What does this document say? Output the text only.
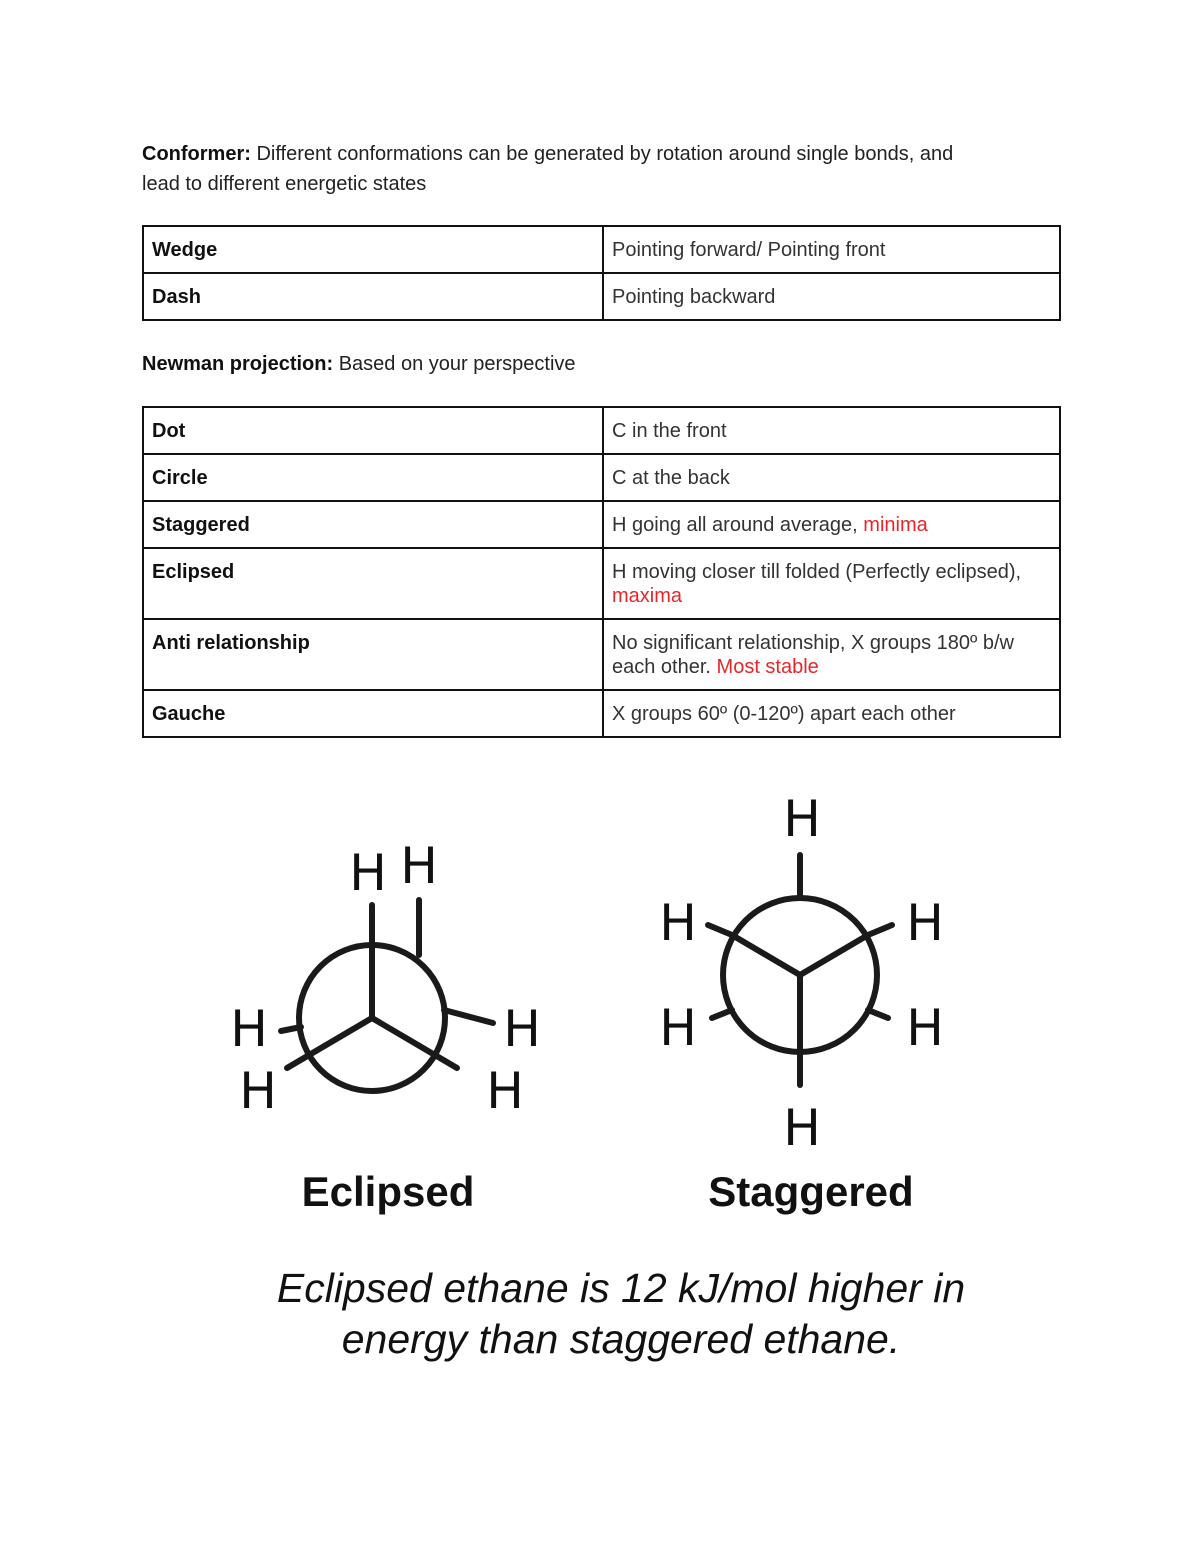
Conformer: Different conformations can be generated by rotation around single bonds, and
lead to different energetic states
Wedge	Pointing forward/ Pointing front
Dash	Pointing backward
Newman projection: Based on your perspective
Dot	C in the front
Circle	C at the back
Staggered	H going all around average, minima
Eclipsed	H moving closer till folded (Perfectly eclipsed), maxima
Anti relationship	No significant relationship, X groups 180º b/w each other. Most stable
Gauche	X groups 60º (0-120º) apart each other
H H
H
H
H
H
H
H	H
H	H
H
Eclipsed	Staggered
Eclipsed ethane is 12 kJ/mol higher in
energy than staggered ethane.
